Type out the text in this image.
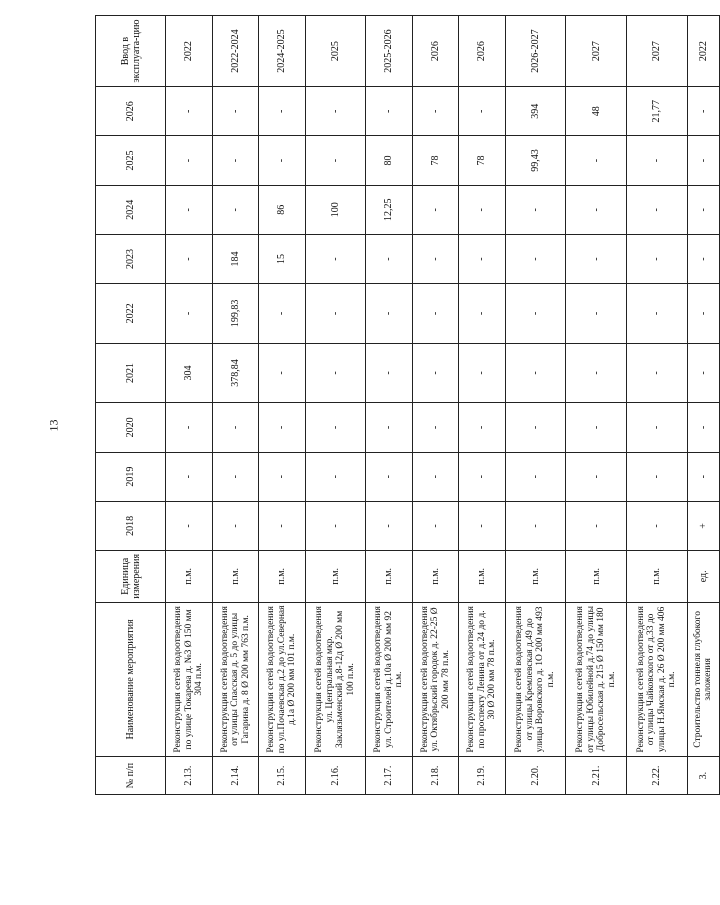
13
№ п/п	Наименование мероприятия	Единица измерения	2018	2019	2020	2021	2022	2023	2024	2025	2026	Ввод в эксплуата-цию
2.13.	Реконструкция сетей водоотведения по улице Токарева д. №3 Ø 150 мм 304 п.м.	п.м.	-	-	-	304	-	-	-	-	-	2022
2.14.	Реконструкция сетей водоотведения от улицы Спасская д. 5 до улицы Гагарина д. 8 Ø 200 мм 763 п.м.	п.м.	-	-	-	378,84	199,83	184	-	-	-	2022-2024
2.15.	Реконструкция сетей водоотведения по ул.Почаевская д.2 до ул.Северная д.1а Ø 200 мм 101 п.м.	п.м.	-	-	-	-	-	15	86	-	-	2024-2025
2.16.	Реконструкция сетей водоотведения ул. Центральная мкр. Заклязьменский д.8-12д Ø 200 мм 100 п.м.	п.м.	-	-	-	-	-	-	100	-	-	2025
2.17.	Реконструкция сетей водоотведения ул. Строителей д.10а Ø 200 мм 92 п.м.	п.м.	-	-	-	-	-	-	12,25	80	-	2025-2026
2.18.	Реконструкция сетей водоотведения ул. Октябрьский городок д. 22-25 Ø 200 мм 78 п.м.	п.м.	-	-	-	-	-	-	-	78	-	2026
2.19.	Реконструкция сетей водоотведения по проспекту Ленина от д.24 до д. 30 Ø 200 мм 78 п.м.	п.м.	-	-	-	-	-	-	-	78	-	2026
2.20.	Реконструкция сетей водоотведения от улицы Кремлевская д.49 до улицы Воровского д. 1О 200 мм 493 п.м.	п.м.	-	-	-	-	-	-	-	99,43	394	2026-2027
2.21.	Реконструкция сетей водоотведения от улицы Юбилейной д.74 до улицы Добросельская д. 215 Ø 150 мм 180 п.м.	п.м.	-	-	-	-	-	-	-	-	48	2027
2.22.	Реконструкция сетей водоотведения от улицы Чайковского от д.33 до улицы Н.Ямская д. 26 Ø 200 мм 406 п.м.	п.м.	-	-	-	-	-	-	-	-	21,77	2027
3.	Строительство тоннеля глубокого заложения	ед.	+	-	-	-	-	-	-	-	-	2022
